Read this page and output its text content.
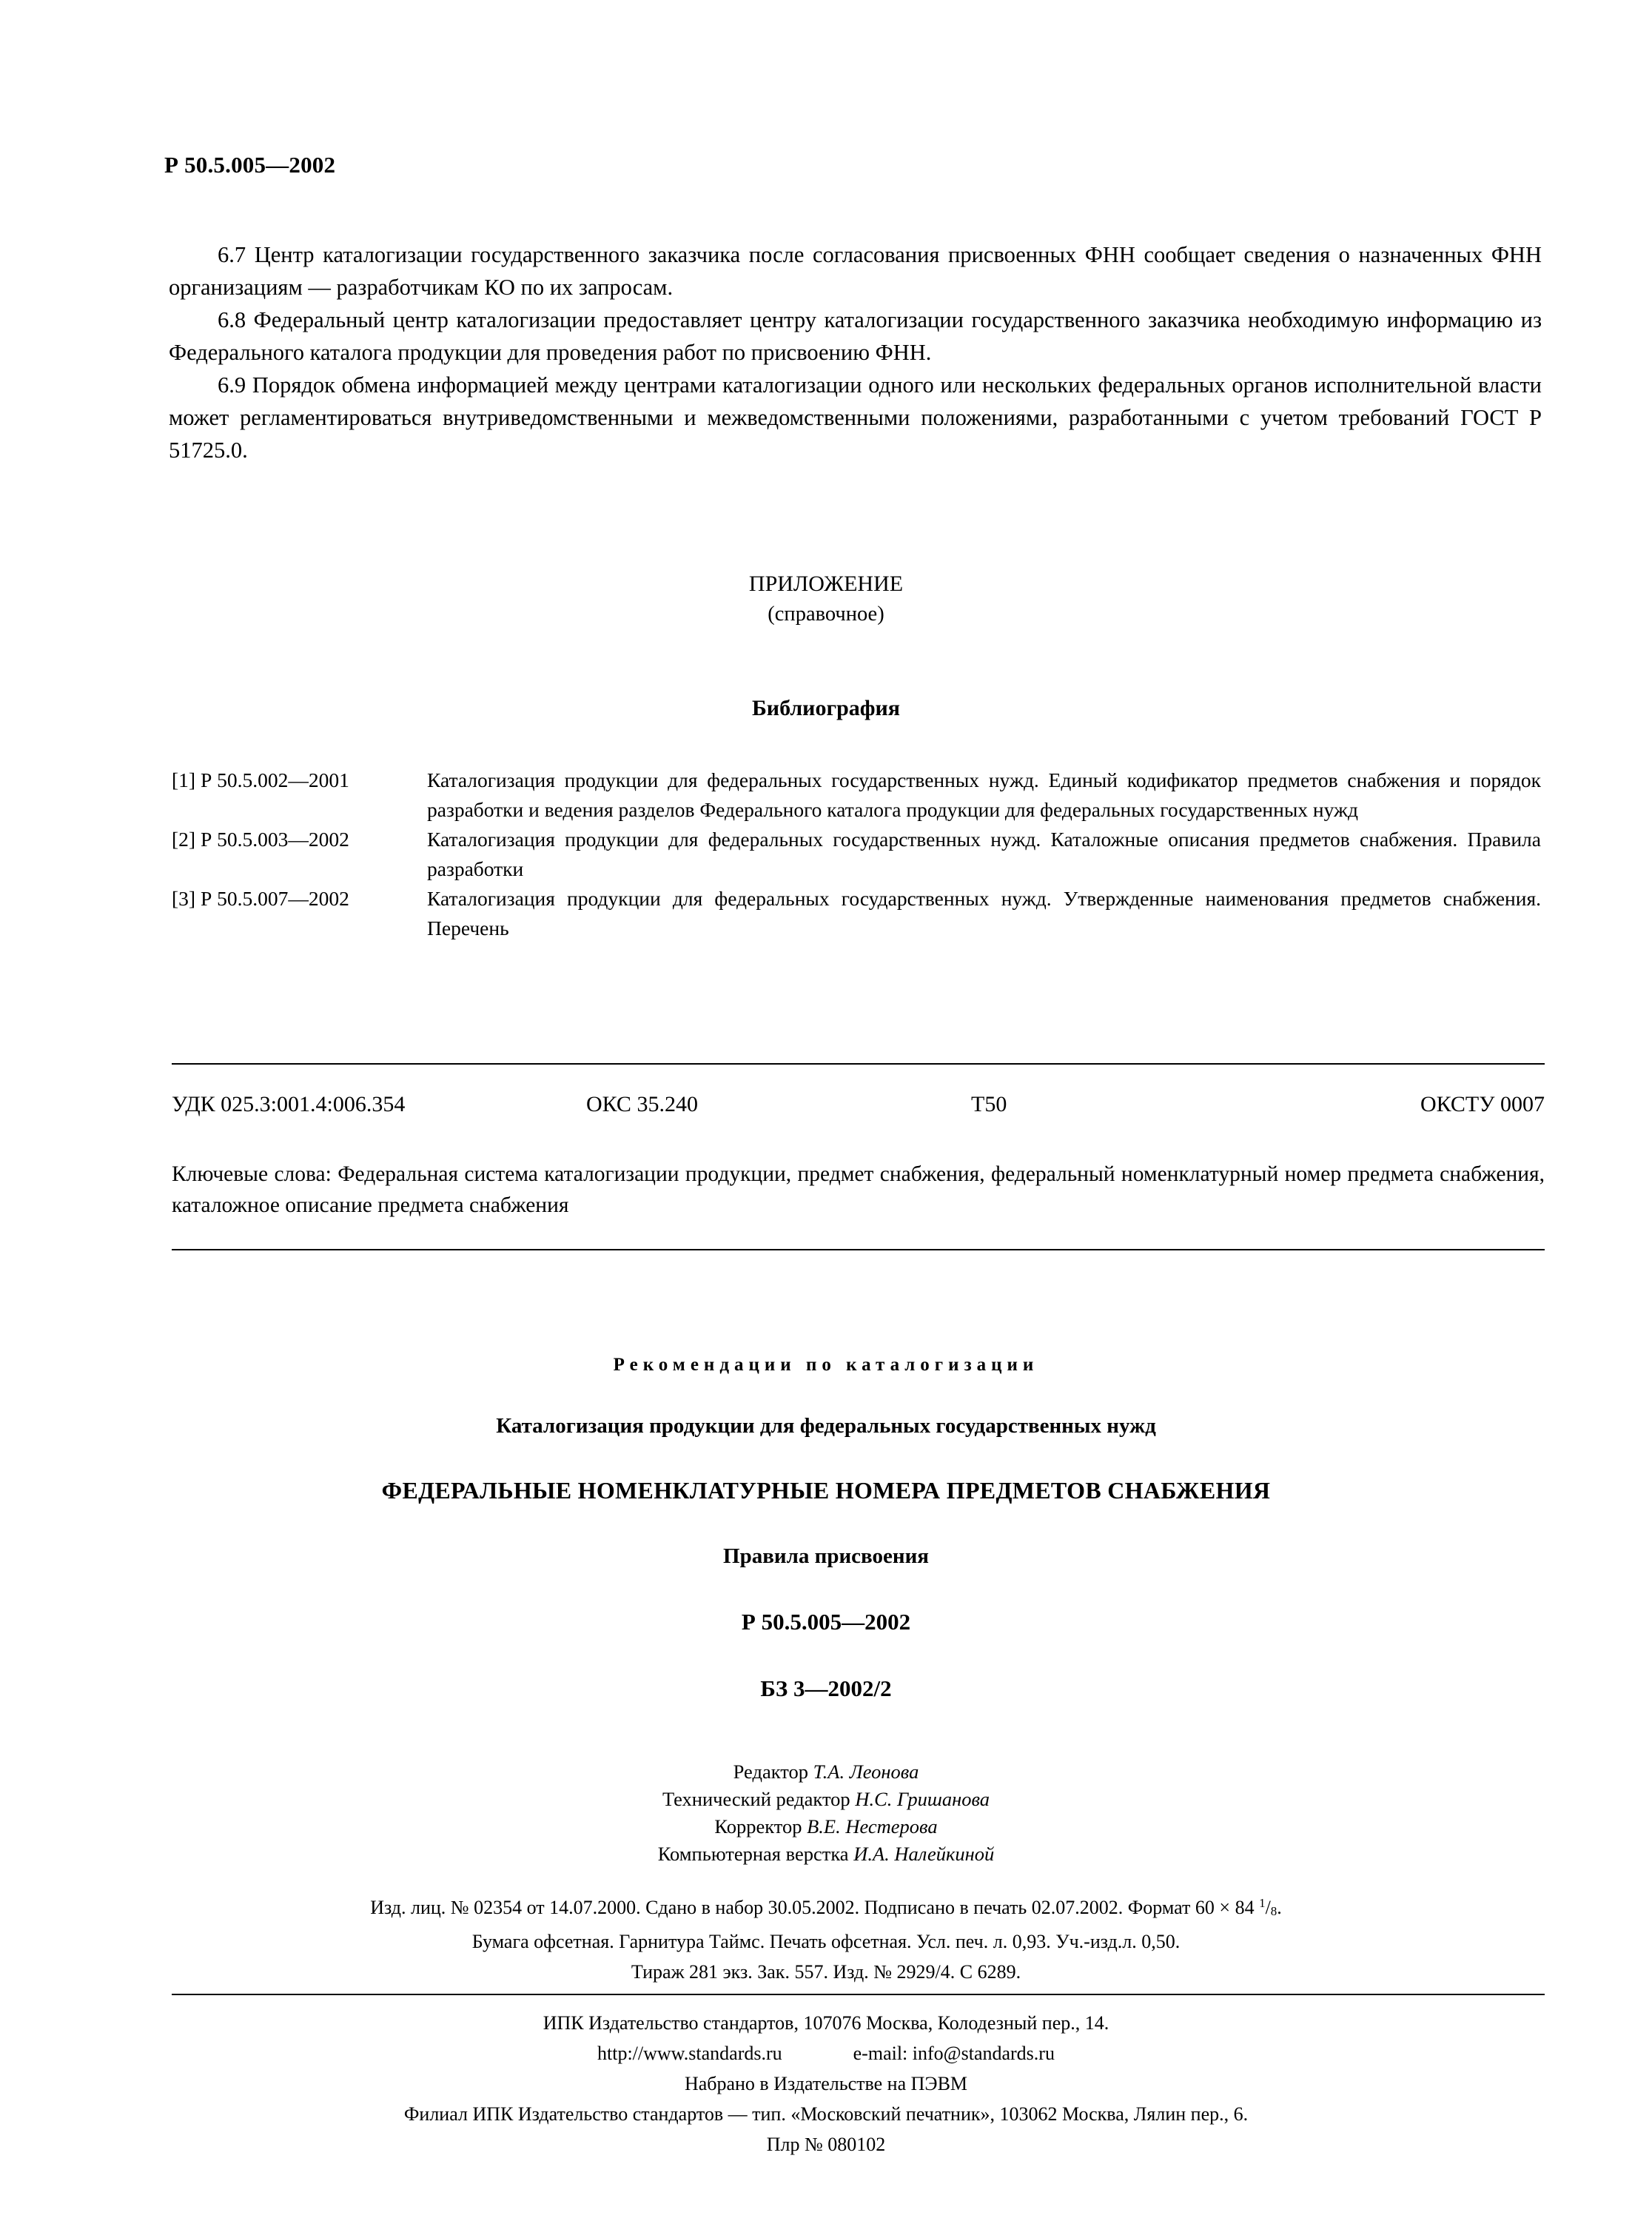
Р 50.5.005—2002

6.7 Центр каталогизации государственного заказчика после согласования присвоенных ФНН сообщает сведения о назначенных ФНН организациям — разработчикам КО по их запросам.

6.8 Федеральный центр каталогизации предоставляет центру каталогизации государственного заказчика необходимую информацию из Федерального каталога продукции для проведения работ по присвоению ФНН.

6.9 Порядок обмена информацией между центрами каталогизации одного или нескольких федеральных органов исполнительной власти может регламентироваться внутриведомственными и межведомственными положениями, разработанными с учетом требований ГОСТ Р 51725.0.

ПРИЛОЖЕНИЕ
(справочное)
Библиография
[1] Р 50.5.002—2001	Каталогизация продукции для федеральных государственных нужд. Единый кодификатор предметов снабжения и порядок разработки и ведения разделов Федерального каталога продукции для федеральных государственных нужд
[2] Р 50.5.003—2002	Каталогизация продукции для федеральных государственных нужд. Каталожные описания предметов снабжения. Правила разработки
[3] Р 50.5.007—2002	Каталогизация продукции для федеральных государственных нужд. Утвержденные наименования предметов снабжения. Перечень
УДК 025.3:001.4:006.354	ОКС 35.240	Т50	ОКСТУ 0007
Ключевые слова: Федеральная система каталогизации продукции, предмет снабжения, федеральный номенклатурный номер предмета снабжения, каталожное описание предмета снабжения
Рекомендации по каталогизации
Каталогизация продукции для федеральных государственных нужд
ФЕДЕРАЛЬНЫЕ НОМЕНКЛАТУРНЫЕ НОМЕРА ПРЕДМЕТОВ СНАБЖЕНИЯ
Правила присвоения
Р 50.5.005—2002
БЗ 3—2002/2
Редактор Т.А. Леонова
Технический редактор Н.С. Гришанова
Корректор В.Е. Нестерова
Компьютерная верстка И.А. Налейкиной
Изд. лиц. № 02354 от 14.07.2000. Сдано в набор 30.05.2002. Подписано в печать 02.07.2002. Формат 60 × 84 $^1/_8$.
Бумага офсетная. Гарнитура Таймс. Печать офсетная. Усл. печ. л. 0,93. Уч.-изд.л. 0,50.
Тираж 281 экз. Зак. 557. Изд. № 2929/4. С 6289.
ИПК Издательство стандартов, 107076 Москва, Колодезный пер., 14.
http://www.standards.ru	e-mail: info@standards.ru
Набрано в Издательстве на ПЭВМ
Филиал ИПК Издательство стандартов — тип. «Московский печатник», 103062 Москва, Лялин пер., 6.
Плр № 080102
